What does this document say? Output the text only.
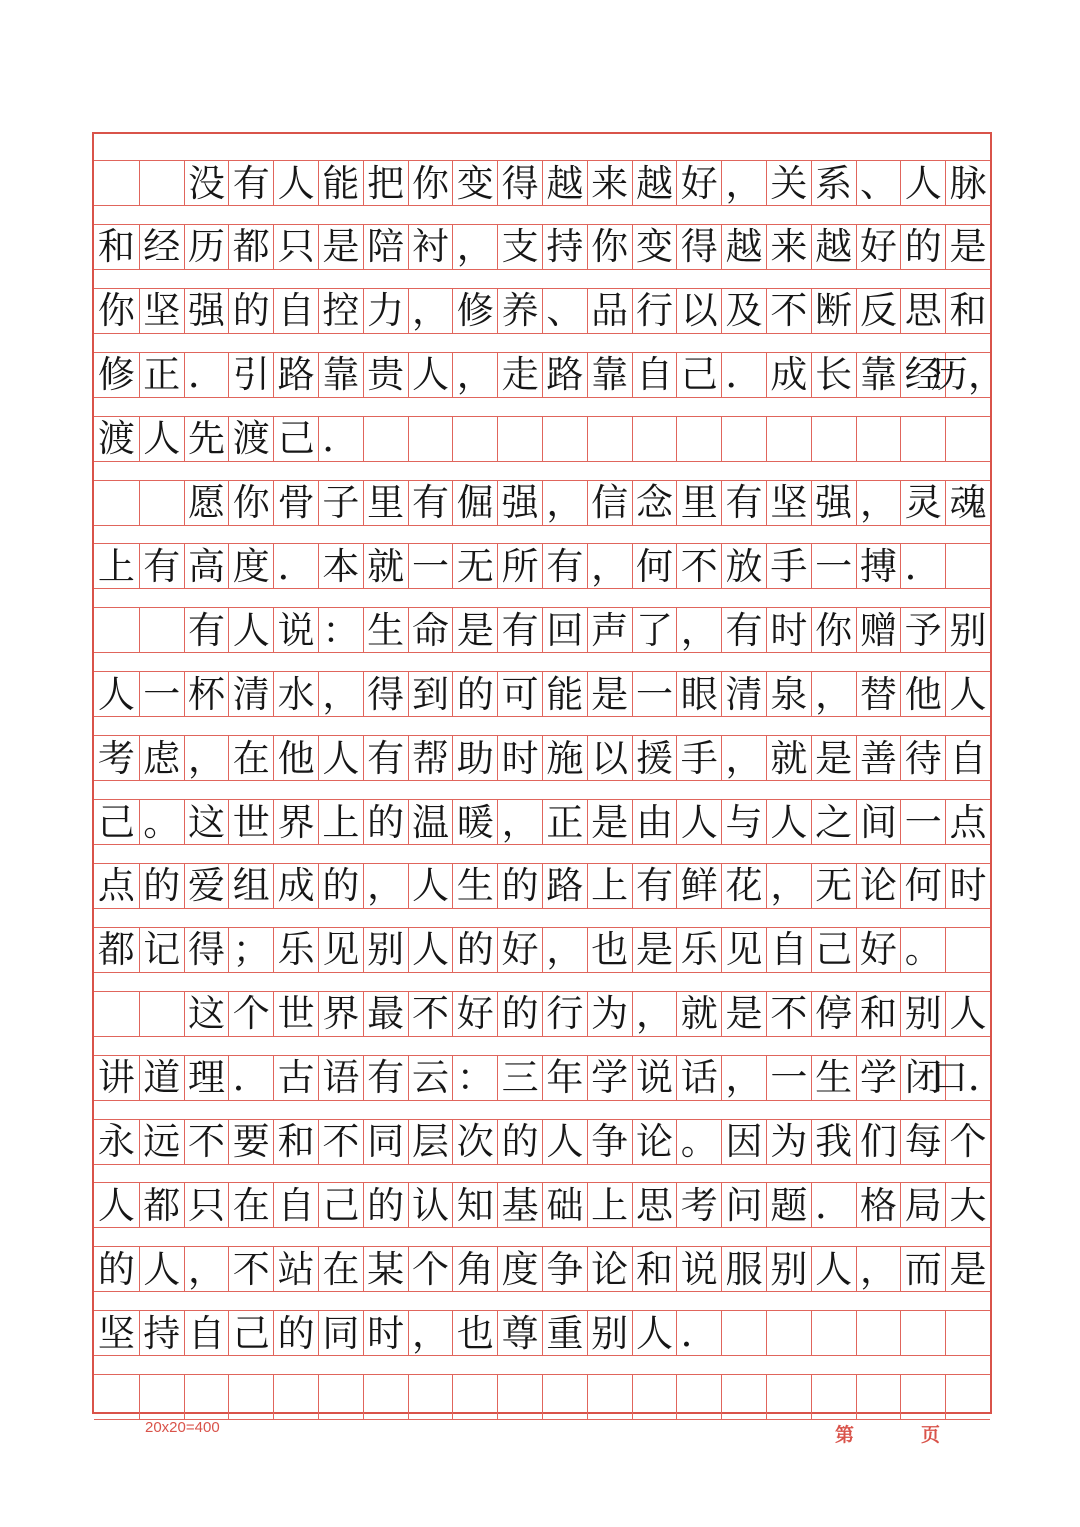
没 有 人 能 把 你 变 得 越 来 越 好 ， 关 系 、 人 脉
和 经 历 都 只 是 陪 衬 ， 支 持 你 变 得 越 来 越 好 的 是
你 坚 强 的 自 控 力 ， 修 养 、 品 行 以 及 不 断 反 思 和
修 正 ． 引 路 靠 贵 人 ， 走 路 靠 自 己 ． 成 长 靠 经
历，
渡 人 先 渡 己 ．
愿 你 骨 子 里 有 倔 强 ， 信 念 里 有 坚 强 ， 灵 魂
上 有 高 度 ． 本 就 一 无 所 有 ， 何 不 放 手 一 搏 ．
有 人 说 ： 生 命 是 有 回 声 了 ， 有 时 你 赠 予 别
人 一 杯 清 水 ， 得 到 的 可 能 是 一 眼 清 泉 ， 替 他 人
考 虑 ， 在 他 人 有 帮 助 时 施 以 援 手 ， 就 是 善 待 自
己 。 这 世 界 上 的 温 暖 ， 正 是 由 人 与 人 之 间 一 点
点 的 爱 组 成 的 ， 人 生 的 路 上 有 鲜 花 ， 无 论 何 时
都 记 得 ； 乐 见 别 人 的 好 ， 也 是 乐 见 自 己 好 。
这 个 世 界 最 不 好 的 行 为 ， 就 是 不 停 和 别 人
讲 道 理 ． 古 语 有 云 ： 三 年 学 说 话 ， 一 生 学 闭
口．
永 远 不 要 和 不 同 层 次 的 人 争 论 。 因 为 我 们 每 个
人 都 只 在 自 己 的 认 知 基 础 上 思 考 问 题 ． 格 局 大
的 人 ， 不 站 在 某 个 角 度 争 论 和 说 服 别 人 ， 而 是
坚 持 自 己 的 同 时 ， 也 尊 重 别 人 ．
20x20=400	第	页
